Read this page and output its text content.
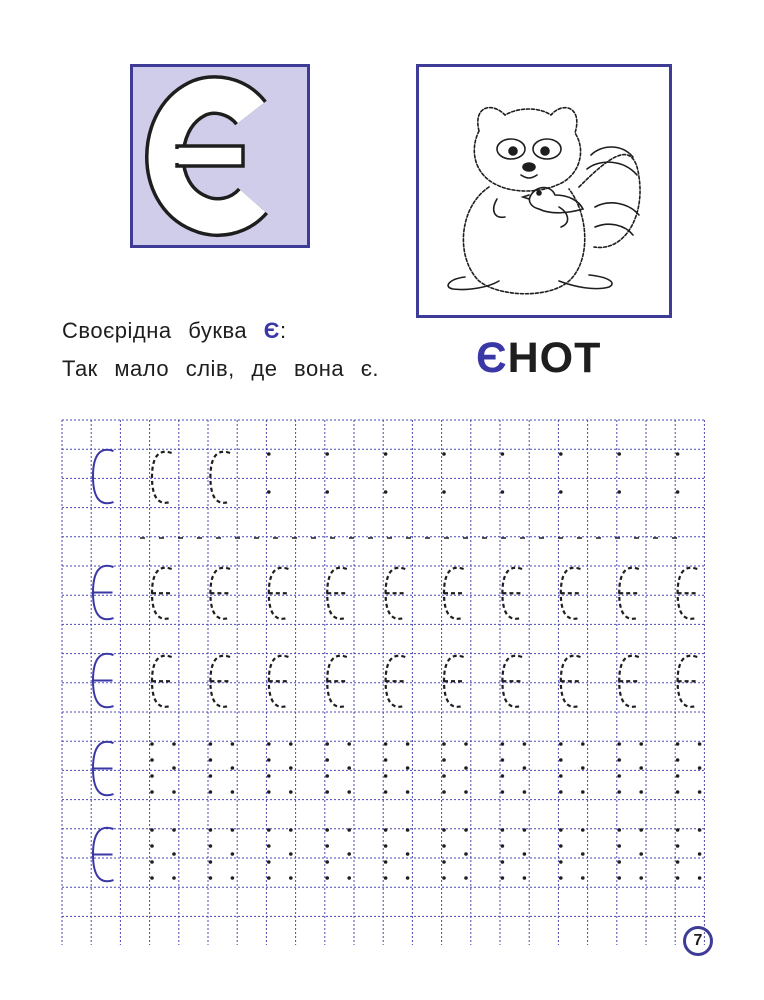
Своєрідна буква Є:
Так мало слів, де вона є. ЄНОТ
7
